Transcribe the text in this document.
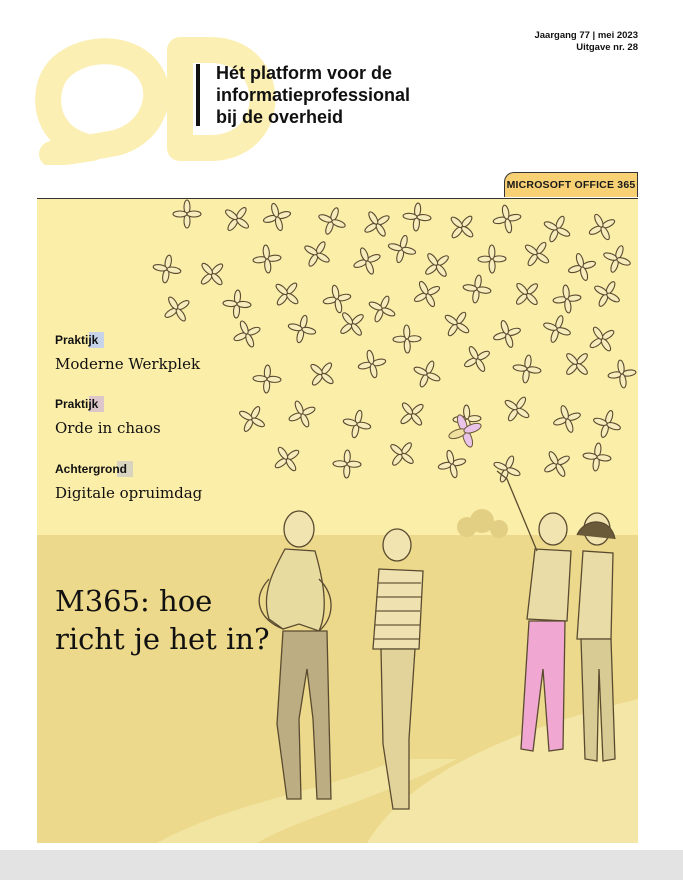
Hét platform voor de
informatieprofessional
bij de overheid
Jaargang 77 | mei 2023
Uitgave nr. 28
MICROSOFT OFFICE 365
Praktijk
Moderne Werkplek
Praktijk
Orde in chaos
Achtergrond
Digitale opruimdag
M365: hoe
richt je het in?
